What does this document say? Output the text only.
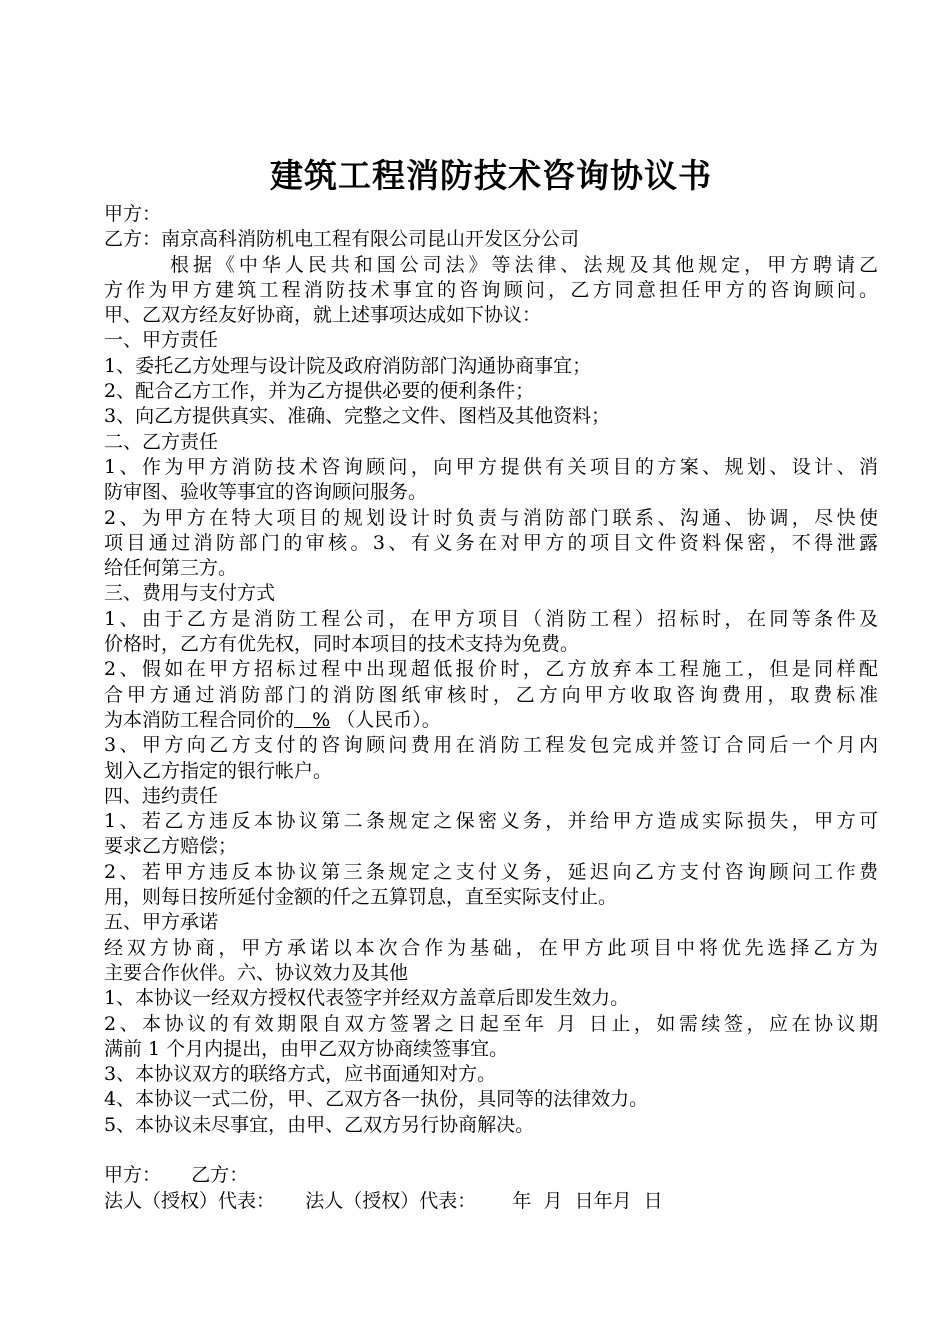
建筑工程消防技术咨询协议书
甲方：
乙方：南京高科消防机电工程有限公司昆山开发区分公司
根据《中华人民共和国公司法》等法律、法规及其他规定，甲方聘请乙
方作为甲方建筑工程消防技术事宜的咨询顾问，乙方同意担任甲方的咨询顾问。
甲、乙双方经友好协商，就上述事项达成如下协议：
一、甲方责任
1、委托乙方处理与设计院及政府消防部门沟通协商事宜；
2、配合乙方工作，并为乙方提供必要的便利条件；
3、向乙方提供真实、准确、完整之文件、图档及其他资料；
二、乙方责任
1、作为甲方消防技术咨询顾问，向甲方提供有关项目的方案、规划、设计、消
防审图、验收等事宜的咨询顾问服务。
2、为甲方在特大项目的规划设计时负责与消防部门联系、沟通、协调，尽快使
项目通过消防部门的审核。3、有义务在对甲方的项目文件资料保密，不得泄露
给任何第三方。
三、费用与支付方式
1、由于乙方是消防工程公司，在甲方项目（消防工程）招标时，在同等条件及
价格时，乙方有优先权，同时本项目的技术支持为免费。
2、假如在甲方招标过程中出现超低报价时，乙方放弃本工程施工，但是同样配
合甲方通过消防部门的消防图纸审核时，乙方向甲方收取咨询费用，取费标准
为本消防工程合同价的   % （人民币）。
3、甲方向乙方支付的咨询顾问费用在消防工程发包完成并签订合同后一个月内
划入乙方指定的银行帐户。
四、违约责任
1、若乙方违反本协议第二条规定之保密义务，并给甲方造成实际损失，甲方可
要求乙方赔偿；
2、若甲方违反本协议第三条规定之支付义务，延迟向乙方支付咨询顾问工作费
用，则每日按所延付金额的仟之五算罚息，直至实际支付止。
五、甲方承诺
经双方协商，甲方承诺以本次合作为基础，在甲方此项目中将优先选择乙方为
主要合作伙伴。六、协议效力及其他
1、本协议一经双方授权代表签字并经双方盖章后即发生效力。
2、本协议的有效期限自双方签署之日起至年 月 日止，如需续签，应在协议期
满前 1 个月内提出，由甲乙双方协商续签事宜。
3、本协议双方的联络方式，应书面通知对方。
4、本协议一式二份，甲、乙双方各一执份，具同等的法律效力。
5、本协议未尽事宜，由甲、乙双方另行协商解决。
甲方：     乙方：
法人（授权）代表：     法人（授权）代表：      年  月  日年月  日
